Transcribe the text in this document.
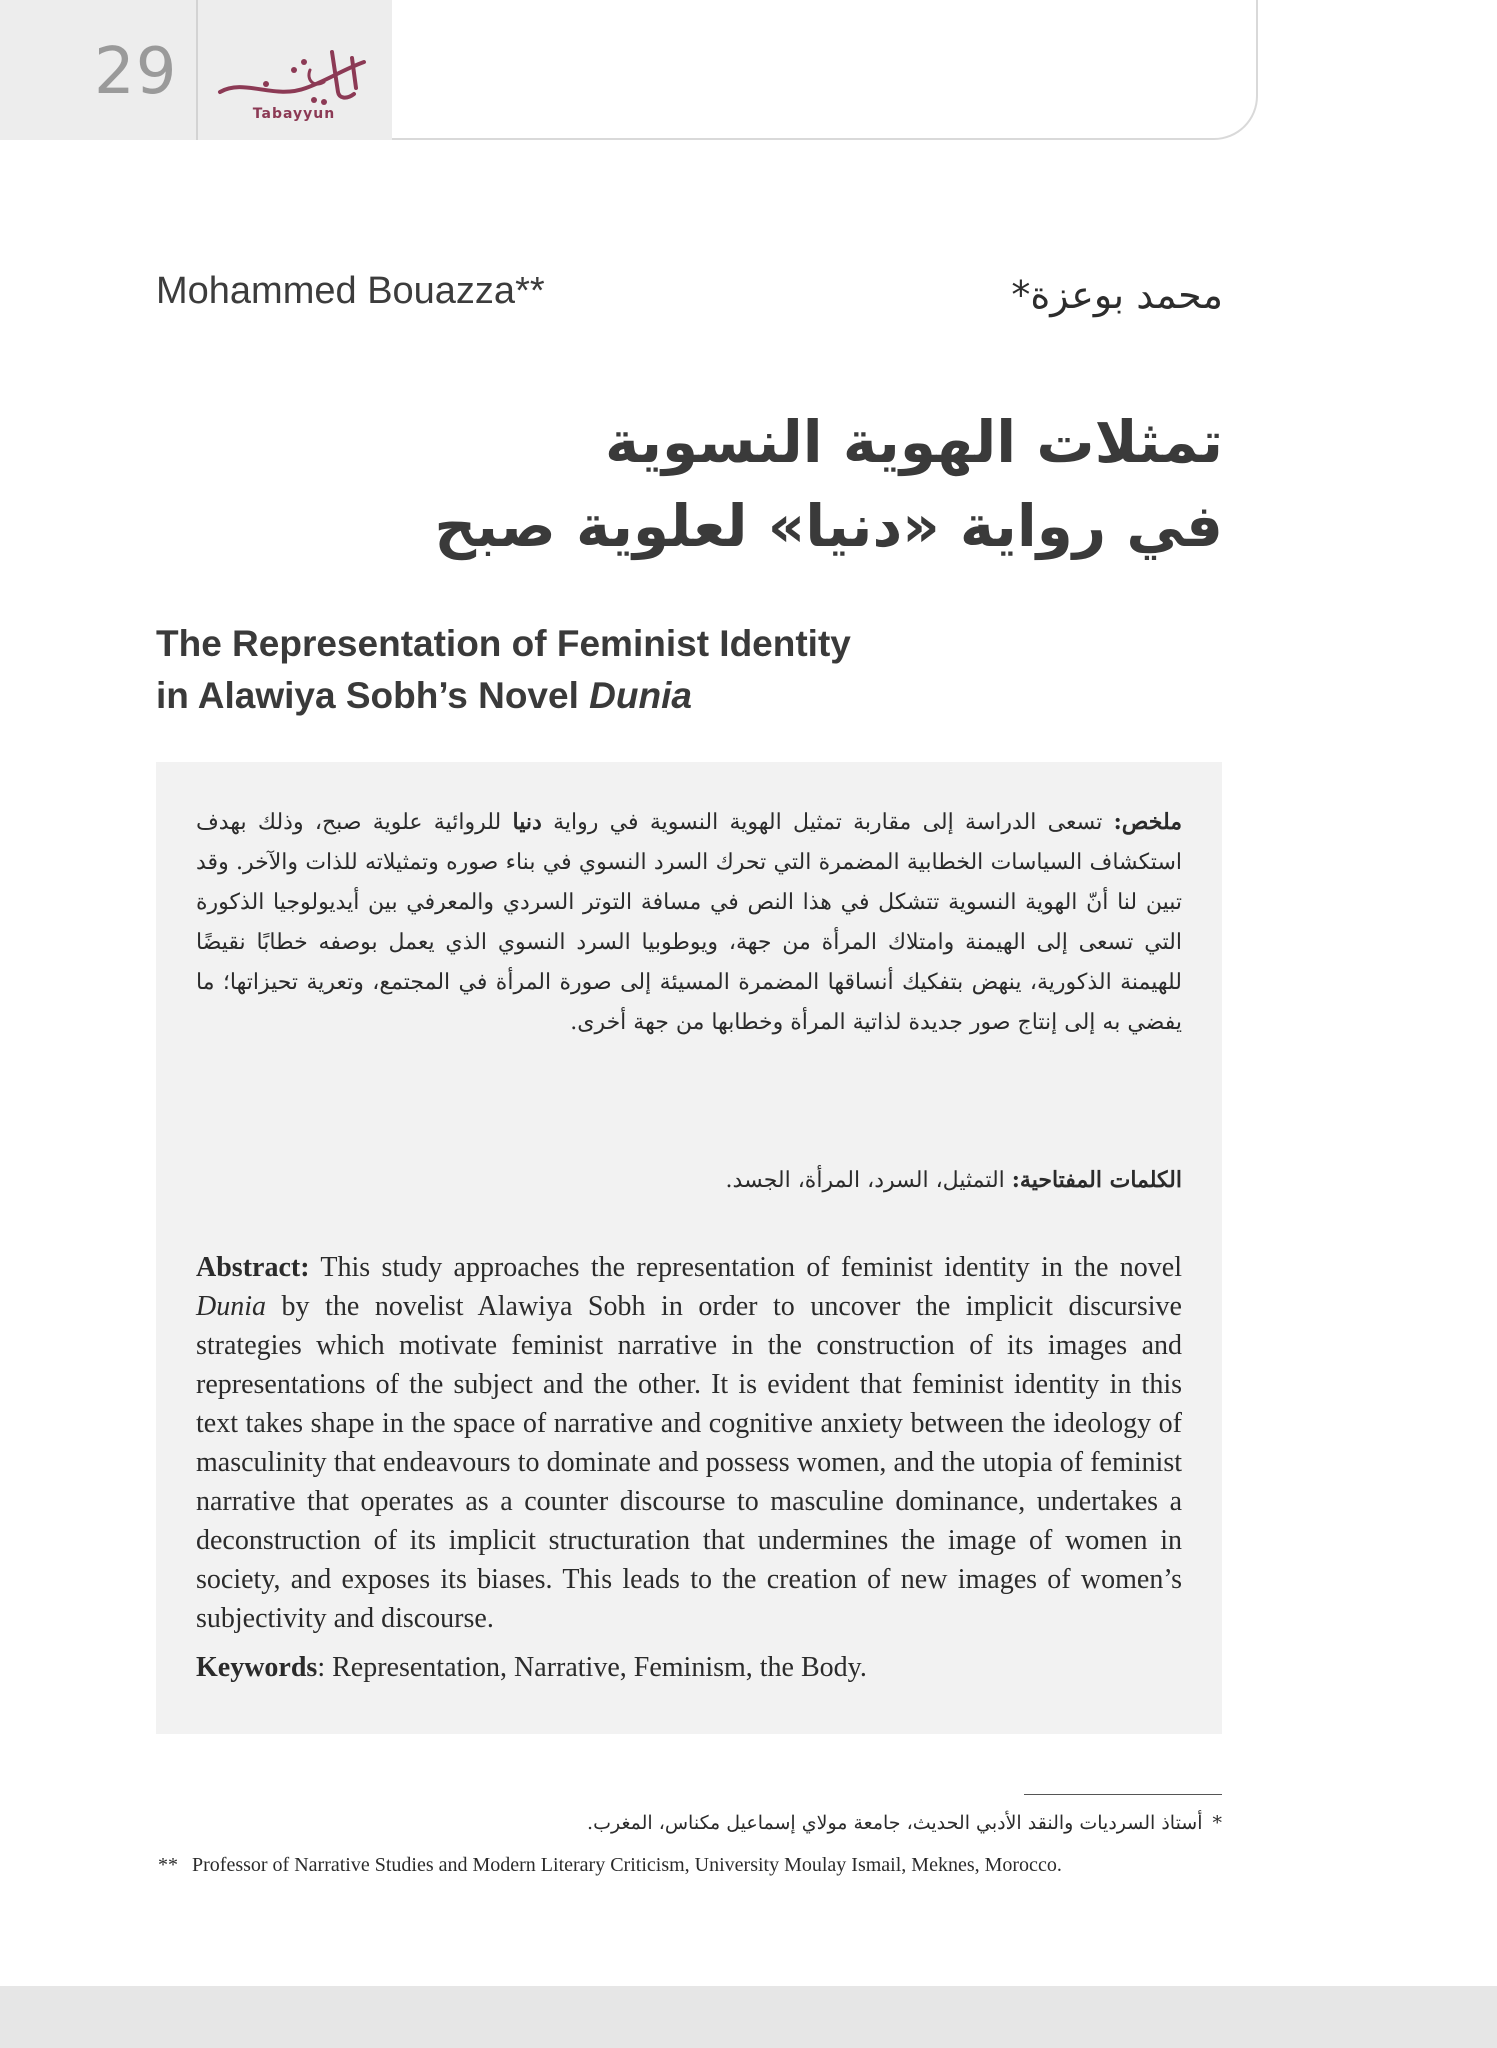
29
Tabayyun
Mohammed Bouazza**	محمد بوعزة*
تمثلات الهوية النسوية
في رواية «دنيا» لعلوية صبح
The Representation of Feminist Identity
in Alawiya Sobh’s Novel Dunia
ملخص: تسعى الدراسة إلى مقاربة تمثيل الهوية النسوية في رواية دنيا للروائية علوية صبح، وذلك بهدف استكشاف السياسات الخطابية المضمرة التي تحرك السرد النسوي في بناء صوره وتمثيلاته للذات والآخر. وقد تبين لنا أنّ الهوية النسوية تتشكل في هذا النص في مسافة التوتر السردي والمعرفي بين أيديولوجيا الذكورة التي تسعى إلى الهيمنة وامتلاك المرأة من جهة، ويوطوبيا السرد النسوي الذي يعمل بوصفه خطابًا نقيضًا للهيمنة الذكورية، ينهض بتفكيك أنساقها المضمرة المسيئة إلى صورة المرأة في المجتمع، وتعرية تحيزاتها؛ ما يفضي به إلى إنتاج صور جديدة لذاتية المرأة وخطابها من جهة أخرى.
الكلمات المفتاحية: التمثيل، السرد، المرأة، الجسد.
Abstract: This study approaches the representation of feminist identity in the novel Dunia by the novelist Alawiya Sobh in order to uncover the implicit discursive strategies which motivate feminist narrative in the construction of its images and representations of the subject and the other. It is evident that feminist identity in this text takes shape in the space of narrative and cognitive anxiety between the ideology of masculinity that endeavours to dominate and possess women, and the utopia of feminist narrative that operates as a counter discourse to masculine dominance, undertakes a deconstruction of its implicit structuration that undermines the image of women in society, and exposes its biases. This leads to the creation of new images of women’s subjectivity and discourse.
Keywords: Representation, Narrative, Feminism, the Body.
*أستاذ السرديات والنقد الأدبي الحديث، جامعة مولاي إسماعيل مكناس، المغرب.
** Professor of Narrative Studies and Modern Literary Criticism, University Moulay Ismail, Meknes, Morocco.
